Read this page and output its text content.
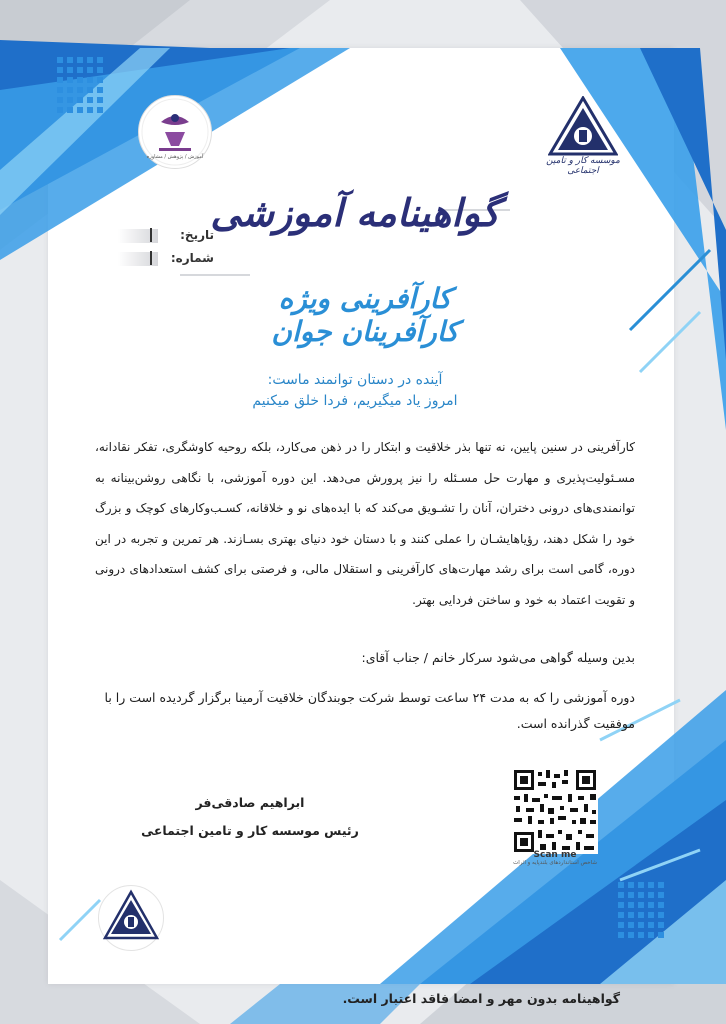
آموزش / پژوهش / مشاوره	موسسه کار و تامین اجتماعی
گواهینامه آموزشی
کارآفرینی ویژه کارآفرینان جوان
آینده در دستان توانمند ماست:
امروز یاد میگیریم، فردا خلق میکنیم
تاریخ:
شماره:
کارآفرینی در سنین پایین، نه تنها بذر خلاقیت و ابتکار را در ذهن می‌کارد، بلکه روحیه کاوشگری، تفکر نقادانه، مسـئولیت‌پذیری و مهارت حل مسـئله را نیز پرورش می‌دهد. این دوره آموزشی، با نگاهی روشن‌بینانه به توانمندی‌های درونی دختران، آنان را تشـویق می‌کند که با ایده‌های نو و خلاقانه، کسـب‌وکارهای کوچک و بزرگ خود را شکل دهند، رؤیاهایشـان را عملی کنند و با دستان خود دنیای بهتری بسـازند. هر تمرین و تجربه در این دوره، گامی است برای رشد مهارت‌های کارآفرینی و استقلال مالی، و فرصتی برای کشف استعدادهای درونی و تقویت اعتماد به خود و ساختن فردایی بهتر.
بدین وسیله گواهی می‌شود سرکار خانم / جناب آقای:
دوره آموزشی را که به مدت ۲۴ ساعت توسط شرکت جوبندگان خلاقیت آرمینا برگزار گردیده است را با موفقیت گذرانده است.
Scan me
شاخص استانداردهای بلندپایه و اثرات
ابراهیم صادقی‌فر
رئیس موسسه کار و تامین اجتماعی
گواهینامه بدون مهر و امضا فاقد اعتبار است.
